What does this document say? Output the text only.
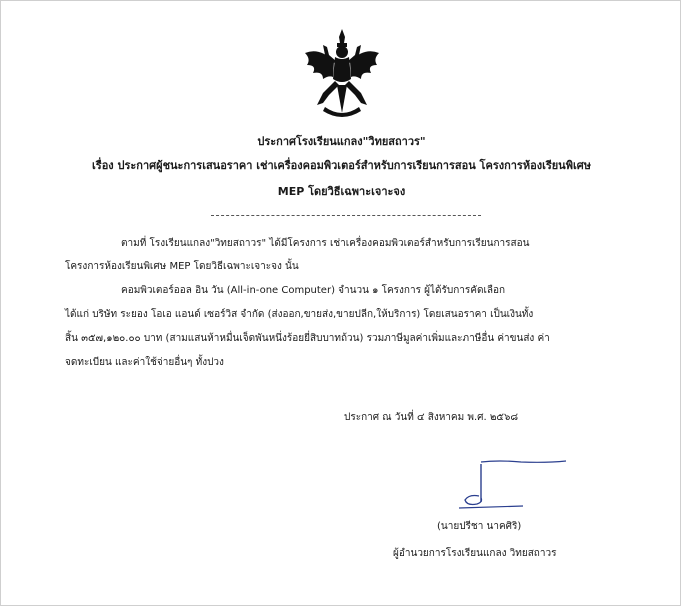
ประกาศโรงเรียนแกลง"วิทยสถาวร"
เรื่อง ประกาศผู้ชนะการเสนอราคา เช่าเครื่องคอมพิวเตอร์สำหรับการเรียนการสอน โครงการห้องเรียนพิเศษ
MEP โดยวิธีเฉพาะเจาะจง
ตามที่ โรงเรียนแกลง"วิทยสถาวร" ได้มีโครงการ เช่าเครื่องคอมพิวเตอร์สำหรับการเรียนการสอน
โครงการห้องเรียนพิเศษ MEP โดยวิธีเฉพาะเจาะจง นั้น
คอมพิวเตอร์ออล อิน วัน (All-in-one Computer) จำนวน ๑ โครงการ ผู้ได้รับการคัดเลือก
ได้แก่ บริษัท ระยอง โอเอ แอนด์ เซอร์วิส จำกัด (ส่งออก,ขายส่ง,ขายปลีก,ให้บริการ) โดยเสนอราคา เป็นเงินทั้ง
สิ้น ๓๕๗,๑๒๐.๐๐ บาท (สามแสนห้าหมื่นเจ็ดพันหนึ่งร้อยยี่สิบบาทถ้วน) รวมภาษีมูลค่าเพิ่มและภาษีอื่น ค่าขนส่ง ค่า
จดทะเบียน และค่าใช้จ่ายอื่นๆ ทั้งปวง
ประกาศ ณ วันที่ ๔ สิงหาคม พ.ศ. ๒๕๖๘
(นายปรีชา นาคศิริ)
ผู้อำนวยการโรงเรียนแกลง วิทยสถาวร
